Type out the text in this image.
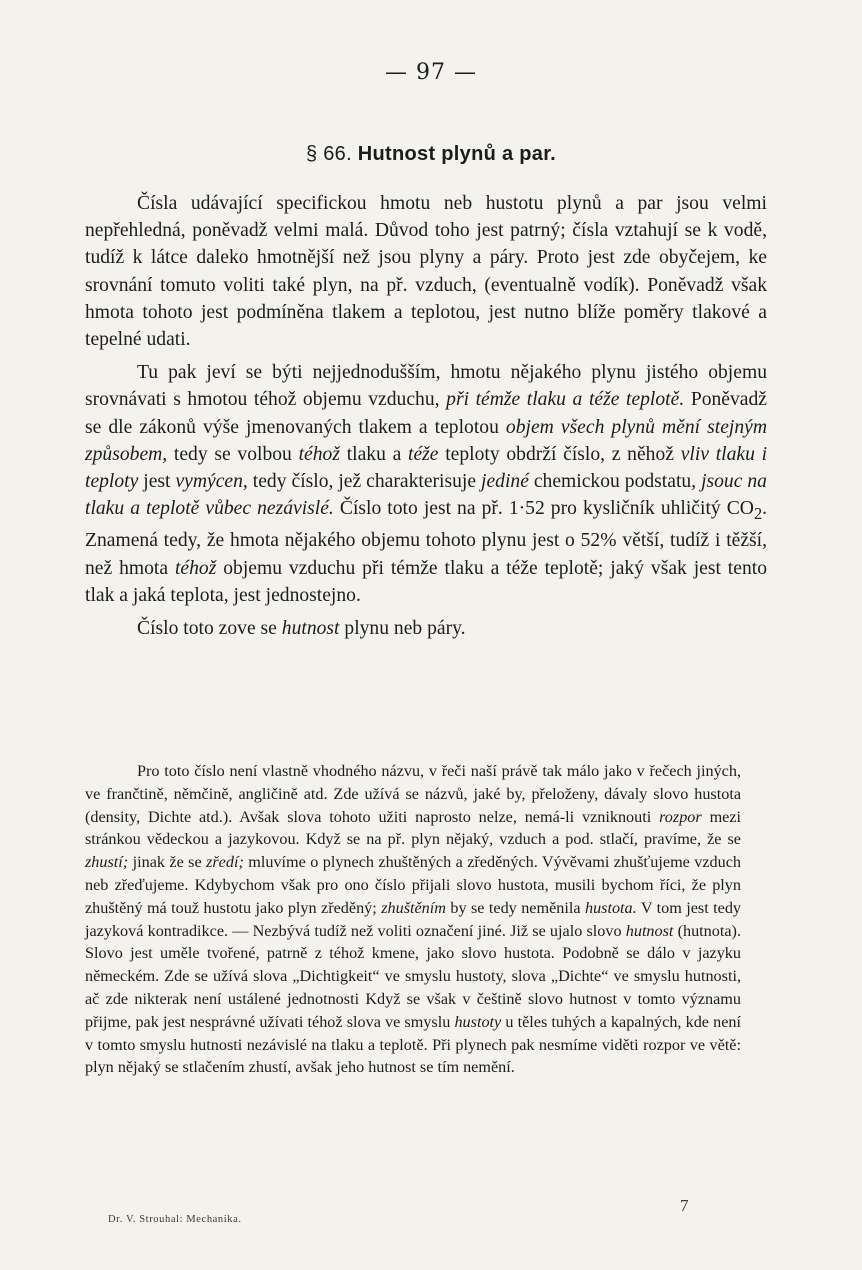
— 97 —
§ 66. Hutnost plynů a par.

Čísla udávající specifickou hmotu neb hustotu plynů a par jsou velmi nepřehledná, poněvadž velmi malá. Důvod toho jest patrný; čísla vztahují se k vodě, tudíž k látce daleko hmotnější než jsou plyny a páry. Proto jest zde obyčejem, ke srovnání tomuto voliti také plyn, na př. vzduch, (eventualně vodík). Poněvadž však hmota tohoto jest podmíněna tlakem a teplotou, jest nutno blíže poměry tlakové a tepelné udati.

Tu pak jeví se býti nejjednodušším, hmotu nějakého plynu jistého objemu srovnávati s hmotou téhož objemu vzduchu, při témže tlaku a téže teplotě. Poněvadž se dle zákonů výše jmenovaných tlakem a teplotou objem všech plynů mění stejným způsobem, tedy se volbou téhož tlaku a téže teploty obdrží číslo, z něhož vliv tlaku i teploty jest vymýcen, tedy číslo, jež charakterisuje jediné chemickou podstatu, jsouc na tlaku a teplotě vůbec nezávislé. Číslo toto jest na př. 1·52 pro kysličník uhličitý $CO_2$. Znamená tedy, že hmota nějakého objemu tohoto plynu jest o 52% větší, tudíž i těžší, než hmota téhož objemu vzduchu při témže tlaku a téže teplotě; jaký však jest tento tlak a jaká teplota, jest jednostejno.

Číslo toto zove se hutnost plynu neb páry.

Pro toto číslo není vlastně vhodného názvu, v řeči naší právě tak málo jako v řečech jiných, ve frančtině, němčině, angličině atd. Zde užívá se názvů, jaké by, přeloženy, dávaly slovo hustota (density, Dichte atd.). Avšak slova tohoto užiti naprosto nelze, nemá-li vzniknouti rozpor mezi stránkou vědeckou a jazykovou. Když se na př. plyn nějaký, vzduch a pod. stlačí, pravíme, že se zhustí; jinak že se zředí; mluvíme o plynech zhuštěných a zředěných. Vývěvami zhušťujeme vzduch neb zřeďujeme. Kdybychom však pro ono číslo přijali slovo hustota, musili bychom říci, že plyn zhuštěný má touž hustotu jako plyn zředěný; zhuštěním by se tedy neměnila hustota. V tom jest tedy jazyková kontradikce. — Nezbývá tudíž než voliti označení jiné. Již se ujalo slovo hutnost (hutnota). Slovo jest uměle tvořené, patrně z téhož kmene, jako slovo hustota. Podobně se dálo v jazyku německém. Zde se užívá slova „Dichtigkeit“ ve smyslu hustoty, slova „Dichte“ ve smyslu hutnosti, ač zde nikterak není ustálené jednotnosti Když se však v češtině slovo hutnost v tomto významu přijme, pak jest nesprávné užívati téhož slova ve smyslu hustoty u těles tuhých a kapalných, kde není v tomto smyslu hutnosti nezávislé na tlaku a teplotě. Při plynech pak nesmíme viděti rozpor ve větě: plyn nějaký se stlačením zhustí, avšak jeho hutnost se tím nemění.

Dr. V. Strouhal: Mechanika.
7
